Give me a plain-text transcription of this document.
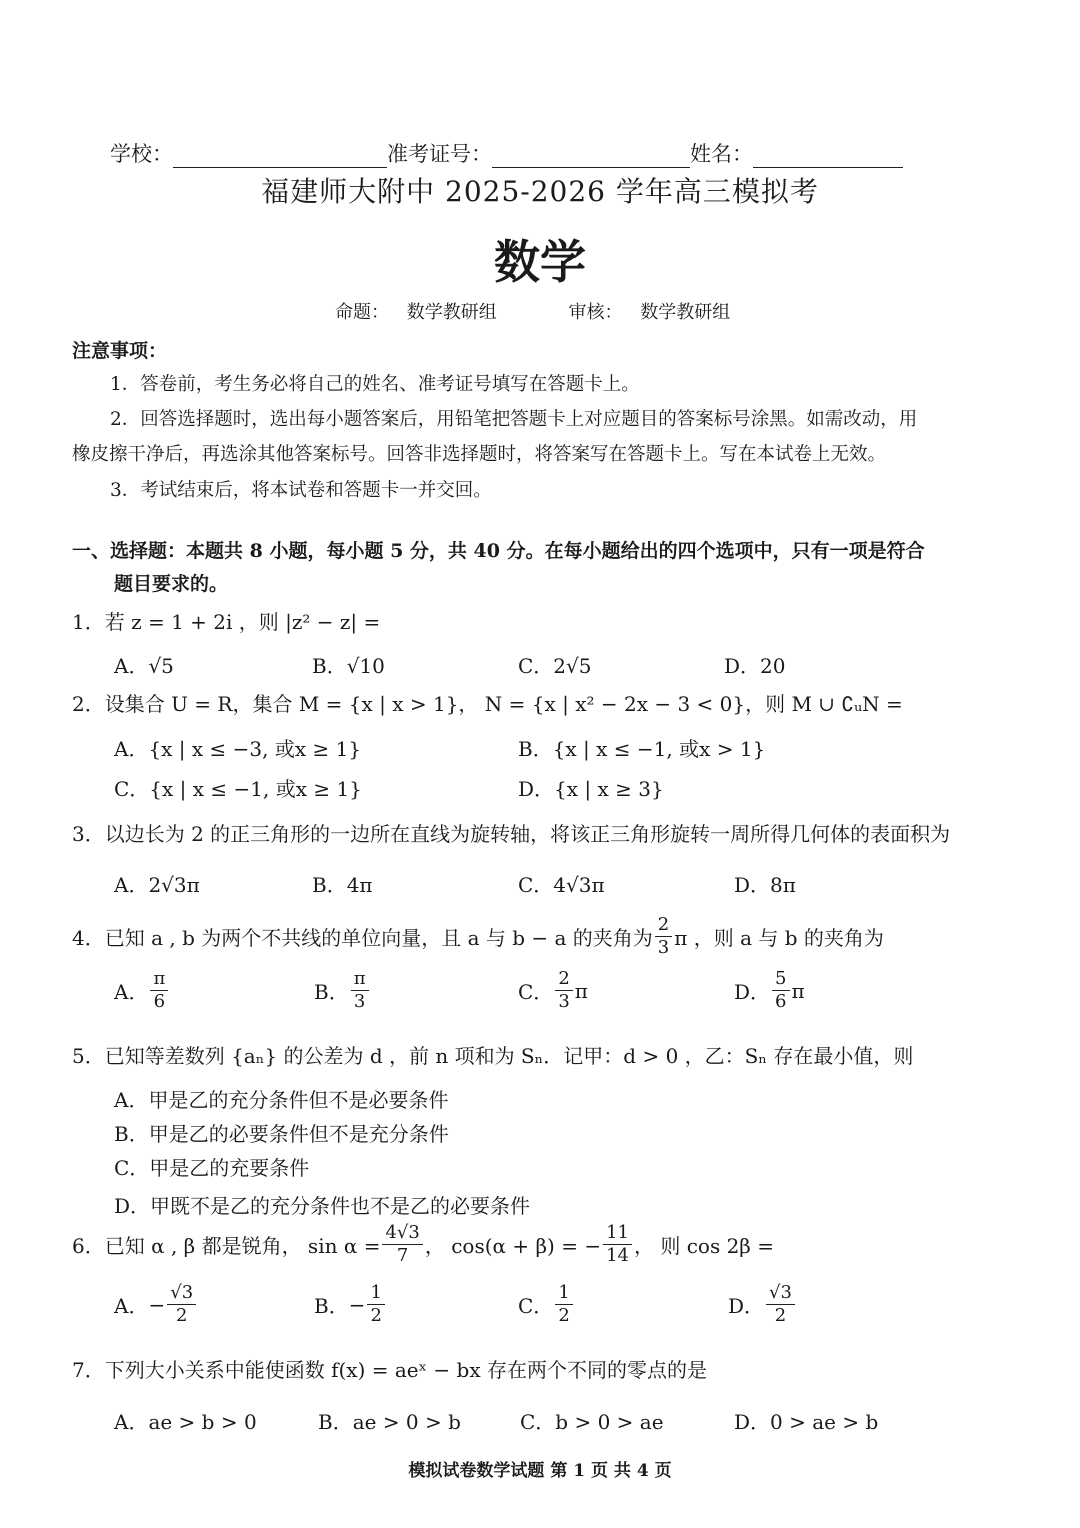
学校：	准考证号：	姓名：
福建师大附中 2025-2026 学年高三模拟考
数学
命题： 数学教研组	审核： 数学教研组
注意事项：
1．答卷前，考生务必将自己的姓名、准考证号填写在答题卡上。
2．回答选择题时，选出每小题答案后，用铅笔把答题卡上对应题目的答案标号涂黑。如需改动，用
橡皮擦干净后，再选涂其他答案标号。回答非选择题时，将答案写在答题卡上。写在本试卷上无效。
3．考试结束后，将本试卷和答题卡一并交回。
一、选择题：本题共 8 小题，每小题 5 分，共 40 分。在每小题给出的四个选项中，只有一项是符合
题目要求的。
1．若 z = 1 + 2i ，则 |z² − z| =
A．√5	B．√10	C．2√5	D．20
2．设集合 U = R，集合 M = {x | x > 1}， N = {x | x² − 2x − 3 < 0}，则 M ∪ ∁ᵤN =
A．{x | x ≤ −3, 或x ≥ 1}	B．{x | x ≤ −1, 或x > 1}
C．{x | x ≤ −1, 或x ≥ 1}	D．{x | x ≥ 3}
3．以边长为 2 的正三角形的一边所在直线为旋转轴，将该正三角形旋转一周所得几何体的表面积为
A．2√3π	B．4π	C．4√3π	D．8π
4．已知 a , b 为两个不共线的单位向量，且 a 与 b − a 的夹角为 $\frac{2}{3}$ π ，则 a 与 b 的夹角为
A． $\frac{\pi}{6}$	B． $\frac{\pi}{3}$	C． $\frac{2}{3}$ π	D． $\frac{5}{6}$ π
5．已知等差数列 {aₙ} 的公差为 d ，前 n 项和为 Sₙ．记甲：d > 0 ，乙：Sₙ 存在最小值，则
A．甲是乙的充分条件但不是必要条件
B．甲是乙的必要条件但不是充分条件
C．甲是乙的充要条件
D．甲既不是乙的充分条件也不是乙的必要条件
6．已知 α , β 都是锐角， $\sin \alpha = \frac{4√3}{7}$ ， cos(α + β) = − $\frac{11}{14}$ ， 则 cos 2β =
A． − $\frac{√3}{2}$	B． − $\frac{1}{2}$	C． $\frac{1}{2}$	D． $\frac{√3}{2}$
7．下列大小关系中能使函数 f(x) = aeˣ − bx 存在两个不同的零点的是
A．ae > b > 0	B．ae > 0 > b	C．b > 0 > ae	D．0 > ae > b
模拟试卷数学试题 第 1 页 共 4 页
